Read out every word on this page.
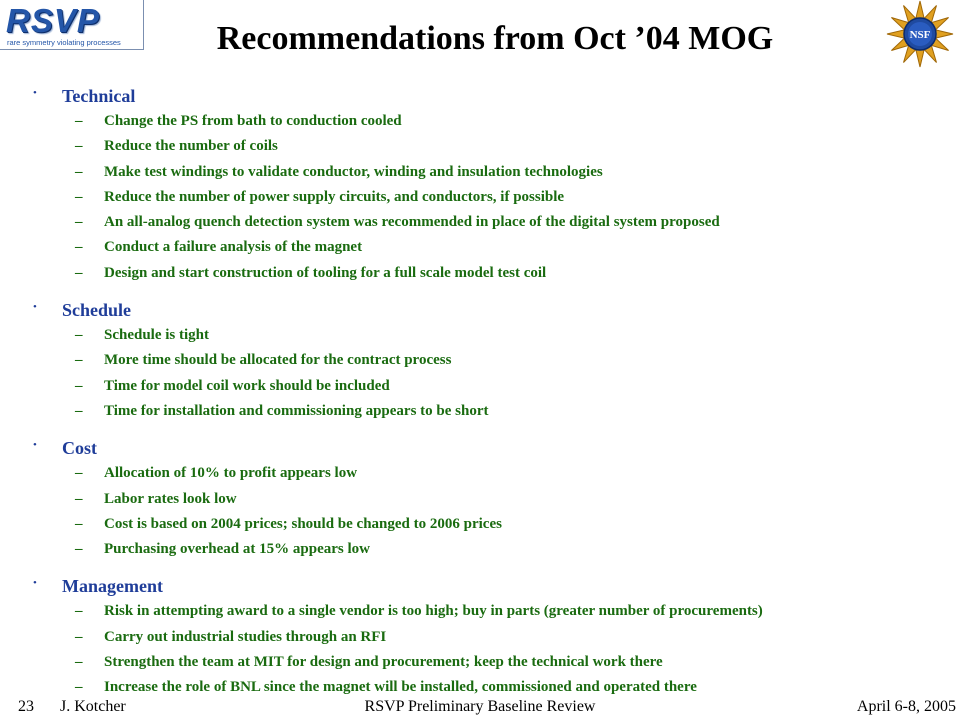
RSVP
rare symmetry violating processes	Recommendations from Oct ’04 MOG	NSF
• Technical
– Change the PS from bath to conduction cooled
– Reduce the number of coils
– Make test windings to validate conductor, winding and insulation technologies
– Reduce the number of power supply circuits, and conductors, if possible
– An all-analog quench detection system was recommended in place of the digital system proposed
– Conduct a failure analysis of the magnet
– Design and start construction of tooling for a full scale model test coil
• Schedule
– Schedule is tight
– More time should be allocated for the contract process
– Time for model coil work should be included
– Time for installation and commissioning appears to be short
• Cost
– Allocation of 10% to profit appears low
– Labor rates look low
– Cost is based on 2004 prices; should be changed to 2006 prices
– Purchasing overhead at 15% appears low
• Management
– Risk in attempting award to a single vendor is too high; buy in parts (greater number of procurements)
– Carry out industrial studies through an RFI
– Strengthen the team at MIT for design and procurement; keep the technical work there
– Increase the role of BNL since the magnet will be installed, commissioned and operated there
RSVP Preliminary Baseline Review
23 J. Kotcher	April 6-8, 2005
